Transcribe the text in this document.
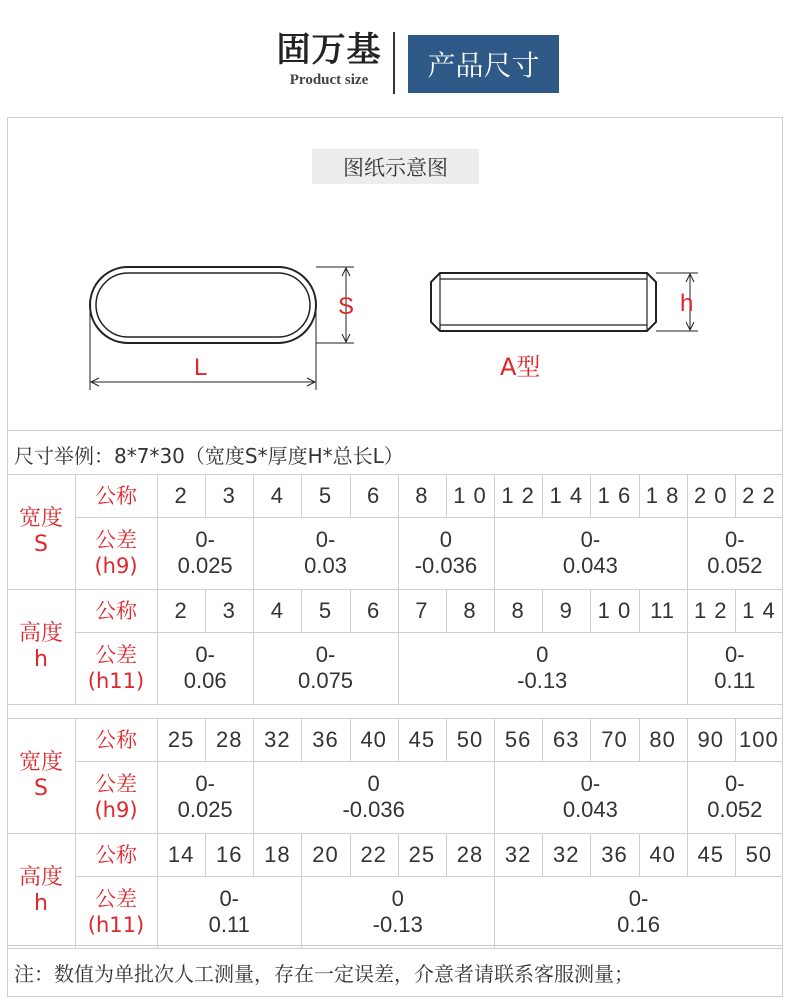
固万基
Product size	产品尺寸
图纸示意图
S
L
h
A型
尺寸举例：8*7*30（宽度S*厚度H*总长L）
宽度
S
公称
公差
(h9)
2 3 4 5 6 8 1 0 1 2 1 4 1 6 1 8 2 0 2 2
0-
0.025
0-
0.03
0
-0.036
0-
0.043
0-
0.052
高度
h
公称
公差
(h11)
2 3 4 5 6 7 8 8 9 1 0 11 1 2 1 4
0-
0.06
0-
0.075
0
-0.13
0-
0.11
宽度
S
公称
公差
(h9)
25 28 32 36 40 45 50 56 63 70 80 90 100
0-
0.025
0
-0.036
0-
0.043
0-
0.052
高度
h
公称
公差
(h11)
14 16 18 20 22 25 28 32 32 36 40 45 50
0-
0.11
0
-0.13
0-
0.16
注：数值为单批次人工测量，存在一定误差，介意者请联系客服测量；
